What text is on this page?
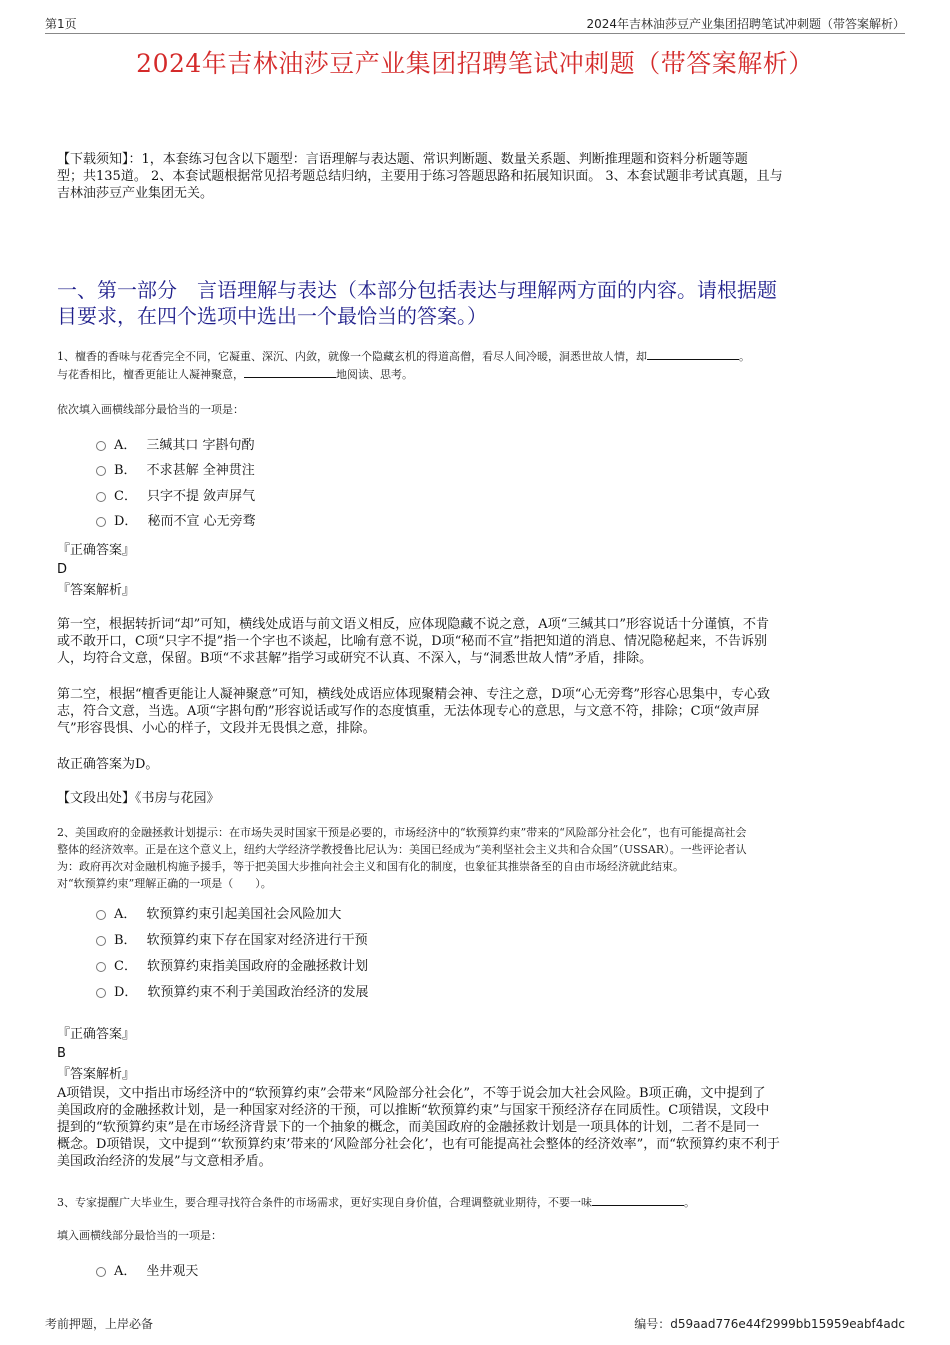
第1页	2024年吉林油莎豆产业集团招聘笔试冲刺题（带答案解析）
2024年吉林油莎豆产业集团招聘笔试冲刺题（带答案解析）
【下载须知】：1，本套练习包含以下题型：言语理解与表达题、常识判断题、数量关系题、判断推理题和资料分析题等题
型；共135道。 2、本套试题根据常见招考题总结归纳，主要用于练习答题思路和拓展知识面。 3、本套试题非考试真题，且与
吉林油莎豆产业集团无关。
一、第一部分　言语理解与表达（本部分包括表达与理解两方面的内容。请根据题
目要求，在四个选项中选出一个最恰当的答案。）
1、檀香的香味与花香完全不同，它凝重、深沉、内敛，就像一个隐藏玄机的得道高僧，看尽人间冷暖，洞悉世故人情，却	。
与花香相比，檀香更能让人凝神聚意，	地阅读、思考。
依次填入画横线部分最恰当的一项是：
A． 三缄其口 字斟句酌
B． 不求甚解 全神贯注
C． 只字不提 敛声屏气
D． 秘而不宣 心无旁骛
『正确答案』
D
『答案解析』
第一空，根据转折词“却”可知，横线处成语与前文语义相反，应体现隐藏不说之意，A项“三缄其口”形容说话十分谨慎，不肯
或不敢开口，C项“只字不提”指一个字也不谈起，比喻有意不说，D项“秘而不宣”指把知道的消息、情况隐秘起来，不告诉别
人，均符合文意，保留。B项“不求甚解”指学习或研究不认真、不深入，与“洞悉世故人情”矛盾，排除。
第二空，根据“檀香更能让人凝神聚意”可知，横线处成语应体现聚精会神、专注之意，D项“心无旁骛”形容心思集中，专心致
志，符合文意，当选。A项“字斟句酌”形容说话或写作的态度慎重，无法体现专心的意思，与文意不符，排除；C项“敛声屏
气”形容畏惧、小心的样子，文段并无畏惧之意，排除。
故正确答案为D。
【文段出处】《书房与花园》
2、美国政府的金融拯救计划提示：在市场失灵时国家干预是必要的，市场经济中的“软预算约束”带来的“风险部分社会化”，也有可能提高社会
整体的经济效率。正是在这个意义上，纽约大学经济学教授鲁比尼认为：美国已经成为“美利坚社会主义共和合众国”（USSAR）。一些评论者认
为：政府再次对金融机构施予援手，等于把美国大步推向社会主义和国有化的制度，也象征其推崇备至的自由市场经济就此结束。
对“软预算约束”理解正确的一项是（　　）。
A． 软预算约束引起美国社会风险加大
B． 软预算约束下存在国家对经济进行干预
C． 软预算约束指美国政府的金融拯救计划
D． 软预算约束不利于美国政治经济的发展
『正确答案』
B
『答案解析』
A项错误，文中指出市场经济中的“软预算约束”会带来“风险部分社会化”，不等于说会加大社会风险。B项正确，文中提到了
美国政府的金融拯救计划，是一种国家对经济的干预，可以推断“软预算约束”与国家干预经济存在同质性。C项错误，文段中
提到的“软预算约束”是在市场经济背景下的一个抽象的概念，而美国政府的金融拯救计划是一项具体的计划，二者不是同一
概念。D项错误，文中提到“‘软预算约束’带来的‘风险部分社会化’，也有可能提高社会整体的经济效率”，而“软预算约束不利于
美国政治经济的发展”与文意相矛盾。
3、专家提醒广大毕业生，要合理寻找符合条件的市场需求，更好实现自身价值，合理调整就业期待，不要一味	。
填入画横线部分最恰当的一项是：
A． 坐井观天
考前押题，上岸必备	编号：d59aad776e44f2999bb15959eabf4adc
